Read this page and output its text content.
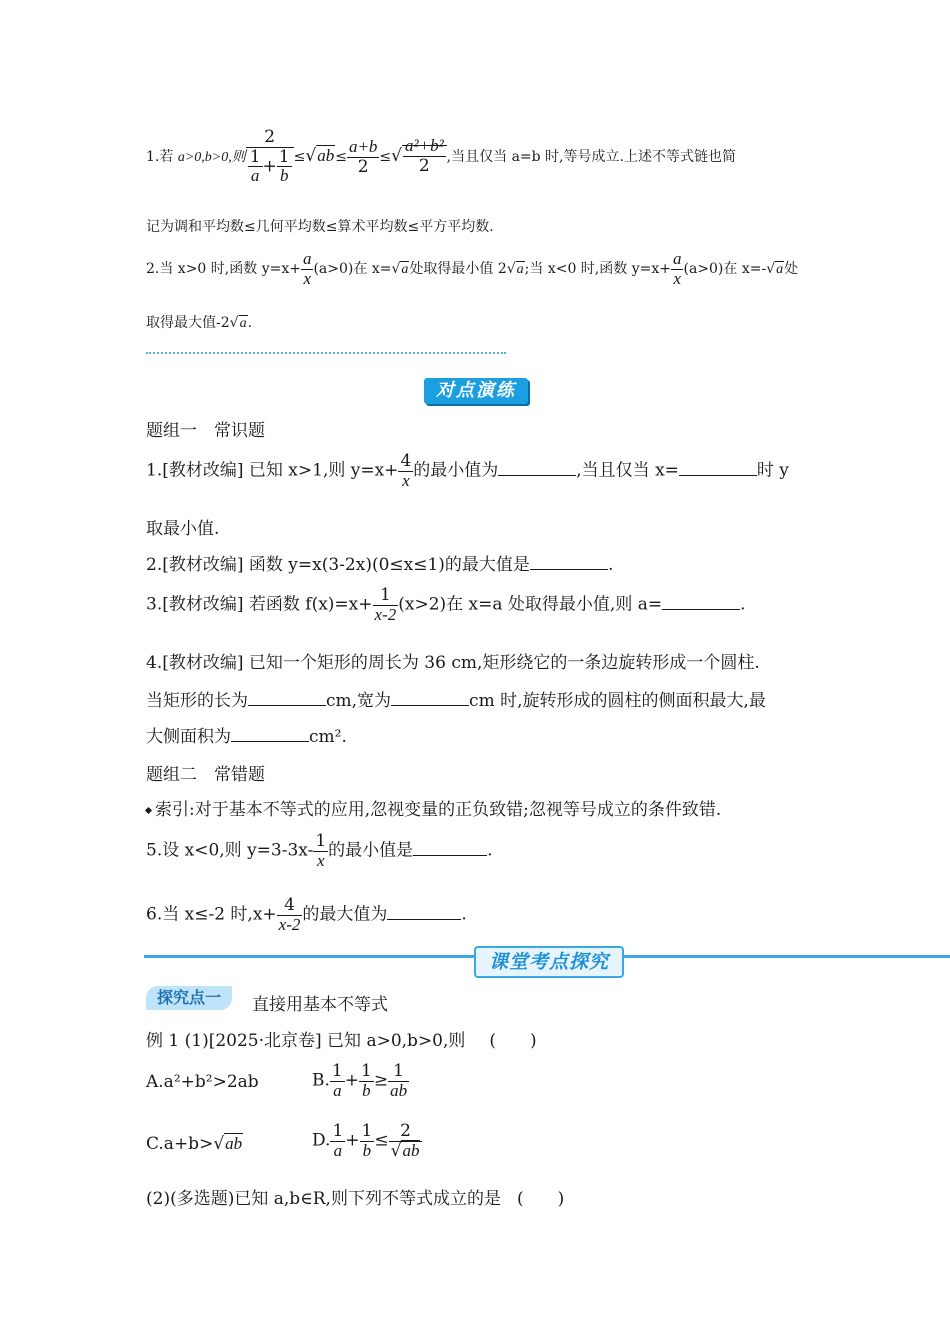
1.若 a>0,b>0,则 $\frac{2}{\frac{1}{a} + \frac{1}{b}} \le√ab\le \frac{a+b}{2}$ ≤√ $\frac{\text{a²+b²}}{2}$ ,当且仅当 a=b 时,等号成立.上述不等式链也简
记为调和平均数≤几何平均数≤算术平均数≤平方平均数.
2.当 x>0 时,函数 $y=x+ \frac{a}{x} (a>0)$在 x=√a处取得最小值 2√a;当 x<0 时,函数 $y=x+ \frac{a}{x} (a>0)$在 x=-√a处
取得最大值-2√a.
对点演练
题组一　常识题
1.[教材改编] 已知 x>1,则 $y=x+ \frac{4}{x}$ 的最小值为	,当且仅当 x=	时 y
取最小值.
2.[教材改编] 函数 y=x(3-2x)(0≤x≤1)的最大值是	.
3.[教材改编] 若函数 $f(x)=x+ \frac{1}{x-2} (x>2)$在 x=a 处取得最小值,则 a=	.
4.[教材改编] 已知一个矩形的周长为 36 cm,矩形绕它的一条边旋转形成一个圆柱.
当矩形的长为	cm,宽为	cm 时,旋转形成的圆柱的侧面积最大,最
大侧面积为	cm².
题组二　常错题
索引:对于基本不等式的应用,忽视变量的正负致错;忽视等号成立的条件致错.
5.设 x<0,则 $y=3-3x- \frac{1}{x}$ 的最小值是	.
6.当 x≤-2 时$,x+ \frac{4}{x-2}$ 的最大值为	.
课堂考点探究
探究点一	直接用基本不等式
例 1 (1)[2025·北京卷] 已知 a>0,b>0,则 (　　)
A.a²+b²>2ab	B. $\frac{1}{a} + \frac{1}{b} \ge \frac{1}{ab}$
C.a+b>√ab	D. $\frac{1}{a} + \frac{1}{b} \le \frac{2}{√ab}$
(2)(多选题)已知 a,b∈R,则下列不等式成立的是 (　　)
